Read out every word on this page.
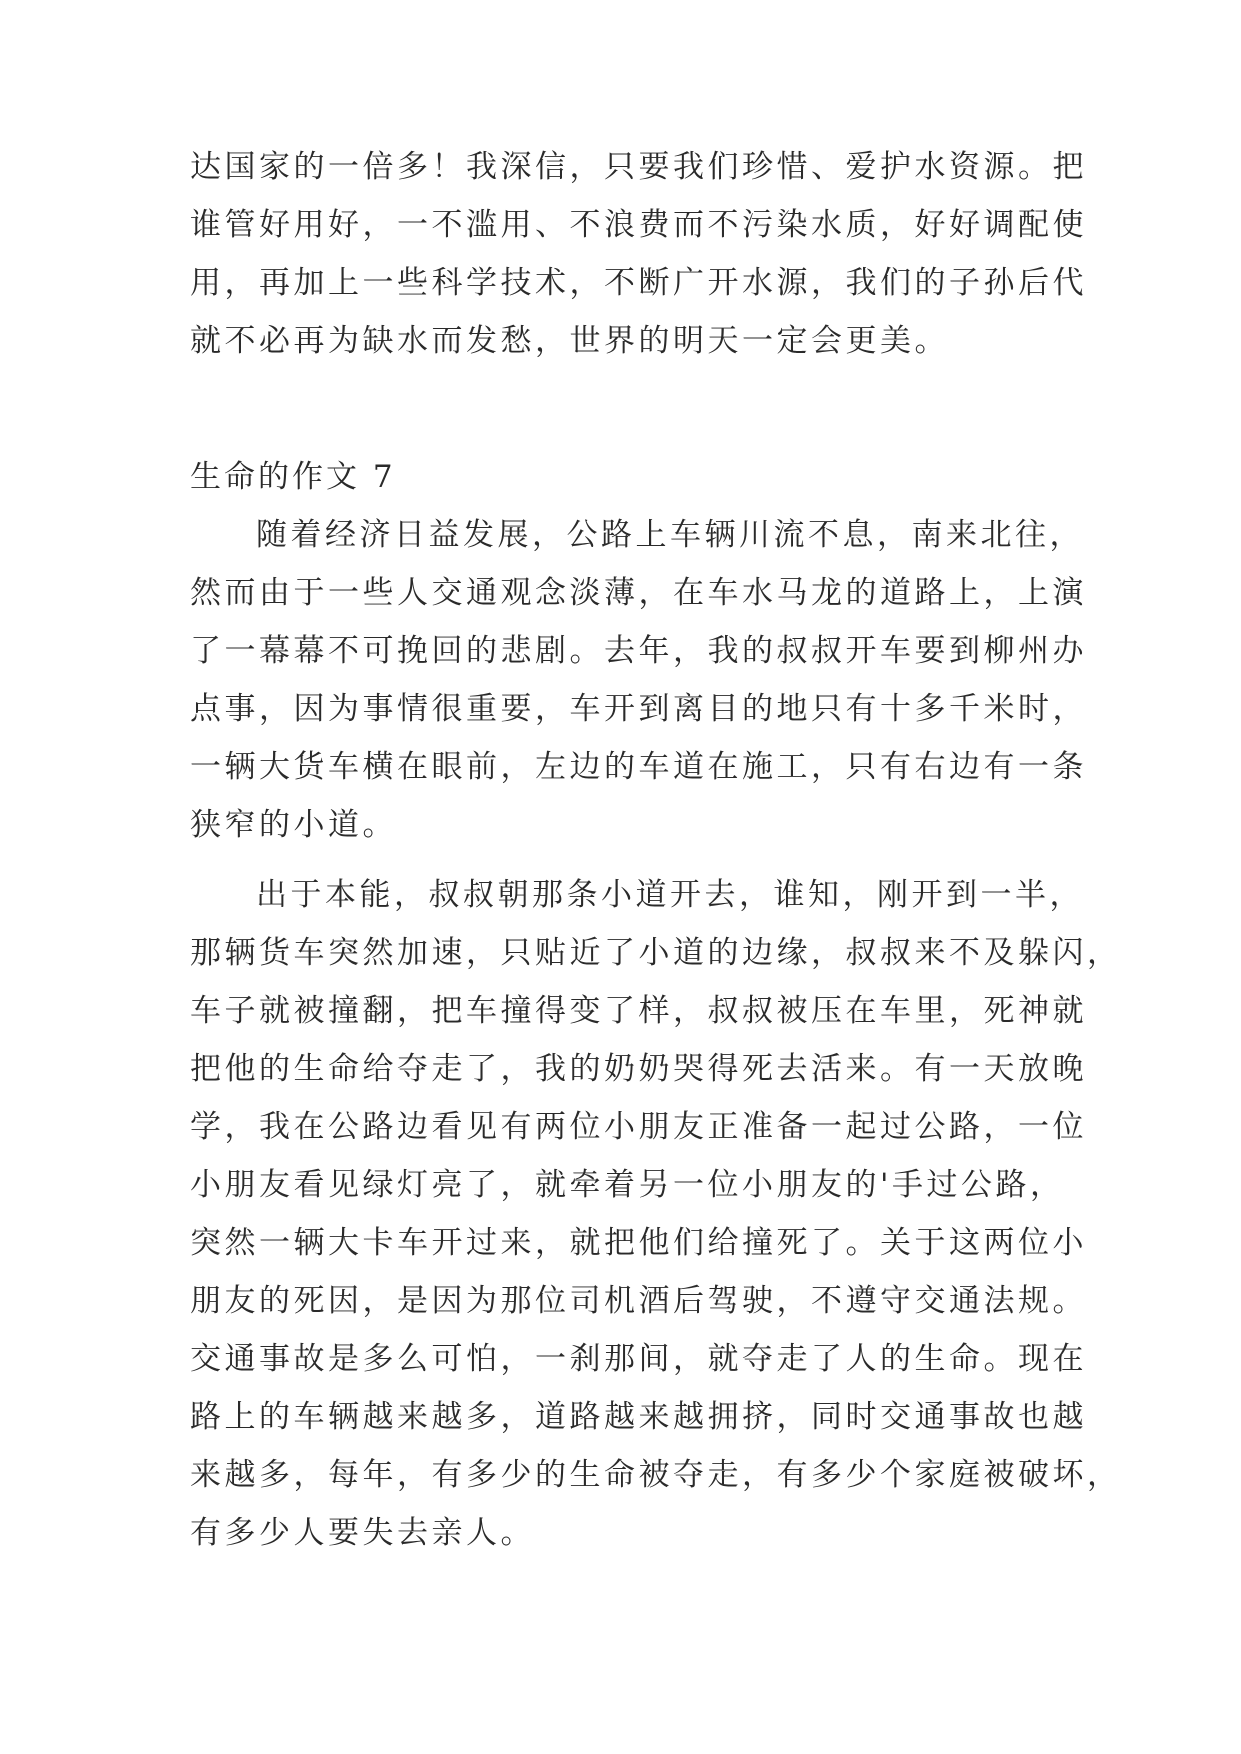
达国家的一倍多！我深信，只要我们珍惜、爱护水资源。把
谁管好用好，一不滥用、不浪费而不污染水质，好好调配使
用，再加上一些科学技术，不断广开水源，我们的子孙后代
就不必再为缺水而发愁，世界的明天一定会更美。
生命的作文 7
随着经济日益发展，公路上车辆川流不息，南来北往，
然而由于一些人交通观念淡薄，在车水马龙的道路上，上演
了一幕幕不可挽回的悲剧。去年，我的叔叔开车要到柳州办
点事，因为事情很重要，车开到离目的地只有十多千米时，
一辆大货车横在眼前，左边的车道在施工，只有右边有一条
狭窄的小道。
出于本能，叔叔朝那条小道开去，谁知，刚开到一半，
那辆货车突然加速，只贴近了小道的边缘，叔叔来不及躲闪，
车子就被撞翻，把车撞得变了样，叔叔被压在车里，死神就
把他的生命给夺走了，我的奶奶哭得死去活来。有一天放晚
学，我在公路边看见有两位小朋友正准备一起过公路，一位
小朋友看见绿灯亮了，就牵着另一位小朋友的'手过公路，
突然一辆大卡车开过来，就把他们给撞死了。关于这两位小
朋友的死因，是因为那位司机酒后驾驶，不遵守交通法规。
交通事故是多么可怕，一刹那间，就夺走了人的生命。现在
路上的车辆越来越多，道路越来越拥挤，同时交通事故也越
来越多，每年，有多少的生命被夺走，有多少个家庭被破坏，
有多少人要失去亲人。
